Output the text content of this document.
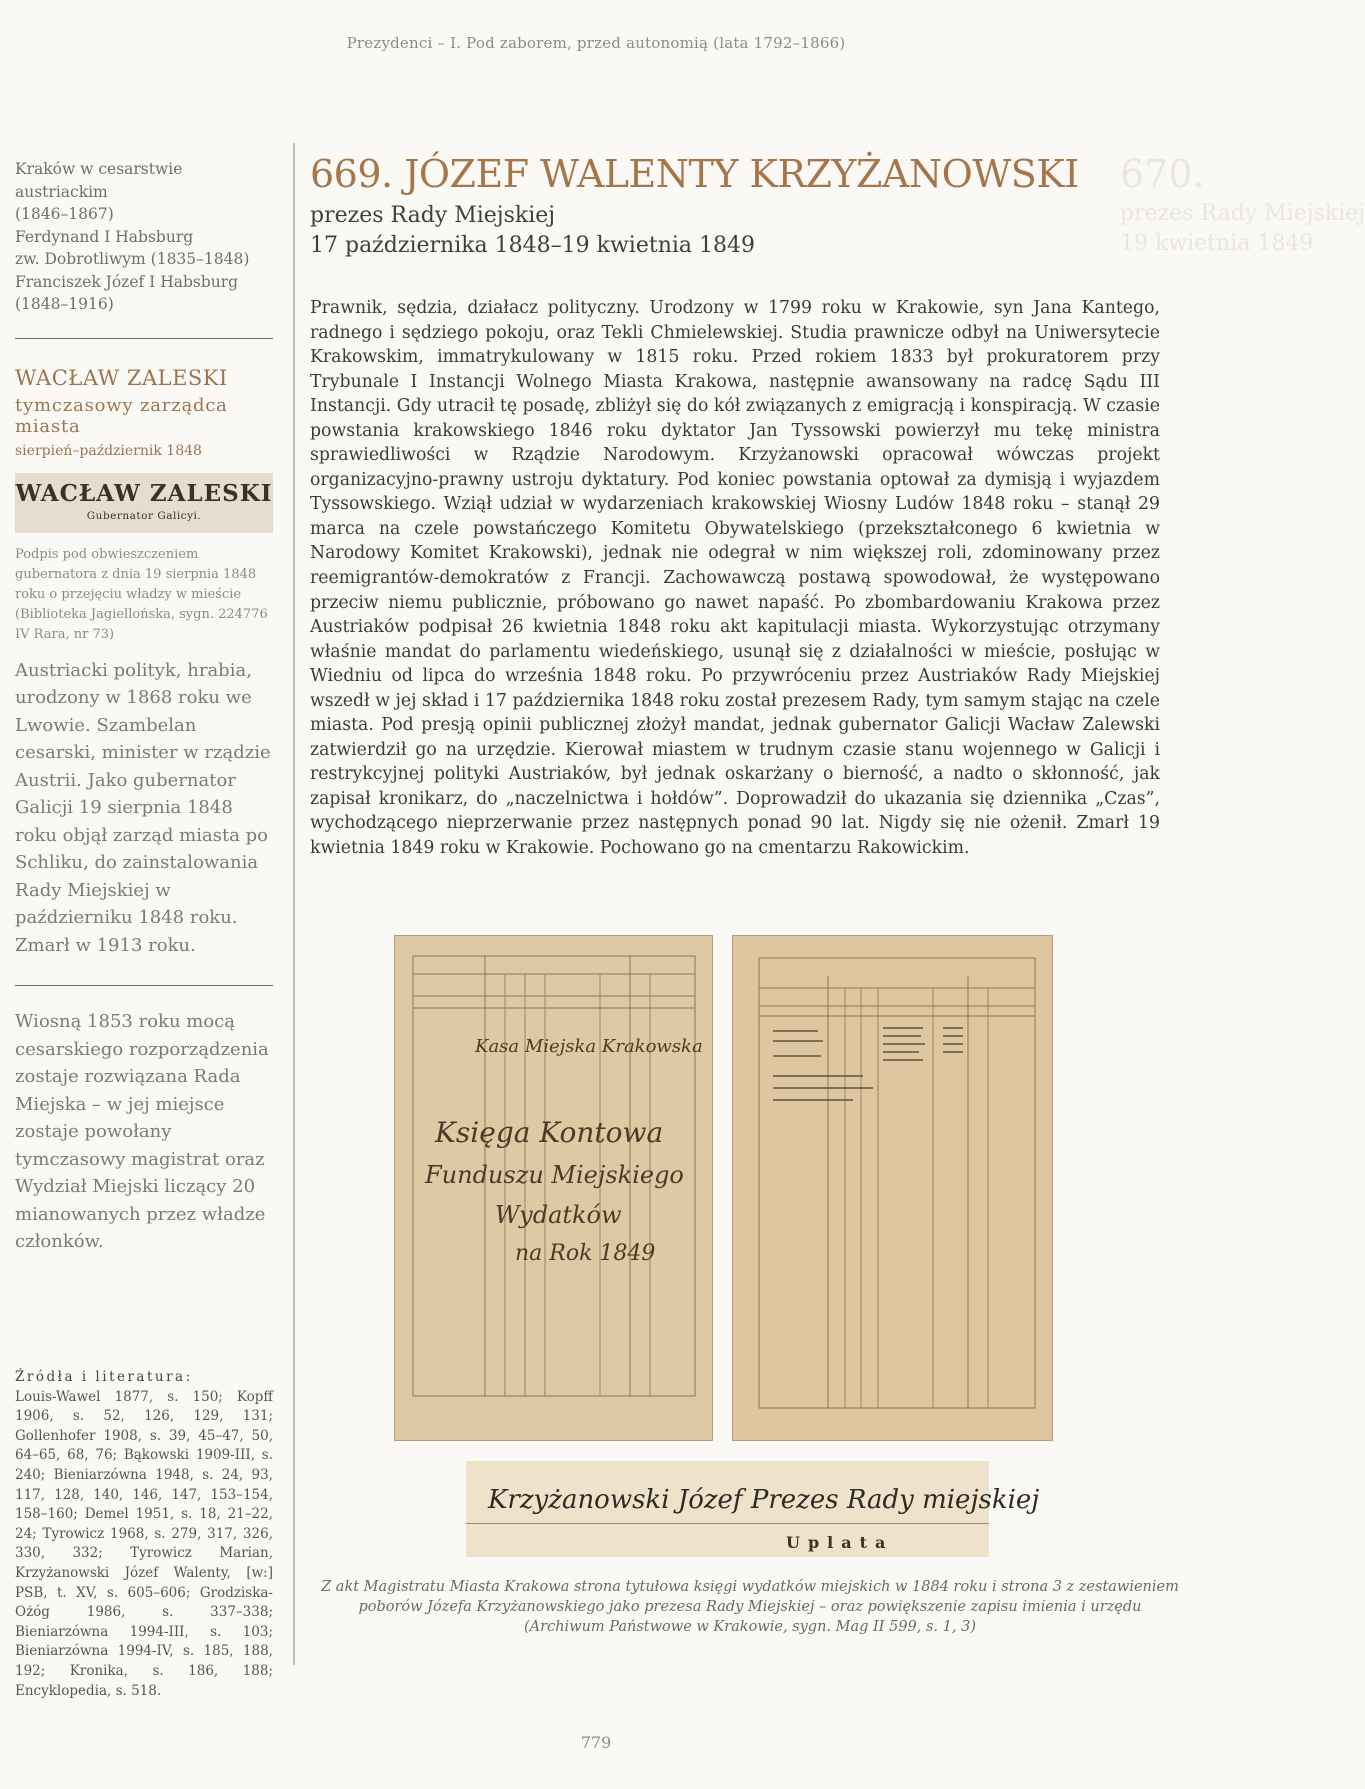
Prezydenci – I. Pod zaborem, przed autonomią (lata 1792–1866)
Kraków w cesarstwie austriackim
(1846–1867)
Ferdynand I Habsburg
zw. Dobrotliwym (1835–1848)
Franciszek Józef I Habsburg
(1848–1916)
WACŁAW ZALESKI
tymczasowy zarządca miasta
sierpień–październik 1848
WACŁAW ZALESKI
Gubernator Galicyi.
Podpis pod obwieszczeniem gubernatora z dnia 19 sierpnia 1848 roku o przejęciu władzy w mieście (Biblioteka Jagiellońska, sygn. 224776 IV Rara, nr 73)
Austriacki polityk, hrabia, urodzony w 1868 roku we Lwowie. Szambelan cesarski, minister w rządzie Austrii. Jako gubernator Galicji 19 sierpnia 1848 roku objął zarząd miasta po Schliku, do zainstalowania Rady Miejskiej w październiku 1848 roku. Zmarł w 1913 roku.
Wiosną 1853 roku mocą cesarskiego rozporządzenia zostaje rozwiązana Rada Miejska – w jej miejsce zostaje powołany tymczasowy magistrat oraz Wydział Miejski liczący 20 mianowanych przez władze członków.
Źródła i literatura:
Louis-Wawel 1877, s. 150; Kopff 1906, s. 52, 126, 129, 131; Gollenhofer 1908, s. 39, 45–47, 50, 64–65, 68, 76; Bąkowski 1909-III, s. 240; Bieniarzówna 1948, s. 24, 93, 117, 128, 140, 146, 147, 153–154, 158–160; Demel 1951, s. 18, 21–22, 24; Tyrowicz 1968, s. 279, 317, 326, 330, 332; Tyrowicz Marian, Krzyżanowski Józef Walenty, [w:] PSB, t. XV, s. 605–606; Grodziska-Ożóg 1986, s. 337–338; Bieniarzówna 1994-III, s. 103; Bieniarzówna 1994-IV, s. 185, 188, 192; Kronika, s. 186, 188; Encyklopedia, s. 518.
670.
prezes Rady Miejskiej
19 kwietnia 1849
669. JÓZEF WALENTY KRZYŻANOWSKI
prezes Rady Miejskiej
17 października 1848–19 kwietnia 1849
Prawnik, sędzia, działacz polityczny. Urodzony w 1799 roku w Krakowie, syn Jana Kantego, radnego i sędziego pokoju, oraz Tekli Chmielewskiej. Studia prawnicze odbył na Uniwersytecie Krakowskim, immatrykulowany w 1815 roku. Przed rokiem 1833 był prokuratorem przy Trybunale I Instancji Wolnego Miasta Krakowa, następnie awansowany na radcę Sądu III Instancji. Gdy utracił tę posadę, zbliżył się do kół związanych z emigracją i konspiracją. W czasie powstania krakowskiego 1846 roku dyktator Jan Tyssowski powierzył mu tekę ministra sprawiedliwości w Rządzie Narodowym. Krzyżanowski opracował wówczas projekt organizacyjno-prawny ustroju dyktatury. Pod koniec powstania optował za dymisją i wyjazdem Tyssowskiego. Wziął udział w wydarzeniach krakowskiej Wiosny Ludów 1848 roku – stanął 29 marca na czele powstańczego Komitetu Obywatelskiego (przekształconego 6 kwietnia w Narodowy Komitet Krakowski), jednak nie odegrał w nim większej roli, zdominowany przez reemigrantów-demokratów z Francji. Zachowawczą postawą spowodował, że występowano przeciw niemu publicznie, próbowano go nawet napaść. Po zbombardowaniu Krakowa przez Austriaków podpisał 26 kwietnia 1848 roku akt kapitulacji miasta. Wykorzystując otrzymany właśnie mandat do parlamentu wiedeńskiego, usunął się z działalności w mieście, posłując w Wiedniu od lipca do września 1848 roku. Po przywróceniu przez Austriaków Rady Miejskiej wszedł w jej skład i 17 października 1848 roku został prezesem Rady, tym samym stając na czele miasta. Pod presją opinii publicznej złożył mandat, jednak gubernator Galicji Wacław Zalewski zatwierdził go na urzędzie. Kierował miastem w trudnym czasie stanu wojennego w Galicji i restrykcyjnej polityki Austriaków, był jednak oskarżany o bierność, a nadto o skłonność, jak zapisał kronikarz, do „naczelnictwa i hołdów”. Doprowadził do ukazania się dziennika „Czas”, wychodzącego nieprzerwanie przez następnych ponad 90 lat. Nigdy się nie ożenił. Zmarł 19 kwietnia 1849 roku w Krakowie. Pochowano go na cmentarzu Rakowickim.
Kasa Miejska Krakowska
Księga Kontowa
Funduszu Miejskiego
Wydatków
na Rok 1849
Krzyżanowski Józef Prezes Rady miejskiej
Uplata
Z akt Magistratu Miasta Krakowa strona tytułowa księgi wydatków miejskich w 1884 roku i strona 3 z zestawieniem poborów Józefa Krzyżanowskiego jako prezesa Rady Miejskiej – oraz powiększenie zapisu imienia i urzędu (Archiwum Państwowe w Krakowie, sygn. Mag II 599, s. 1, 3)
779
